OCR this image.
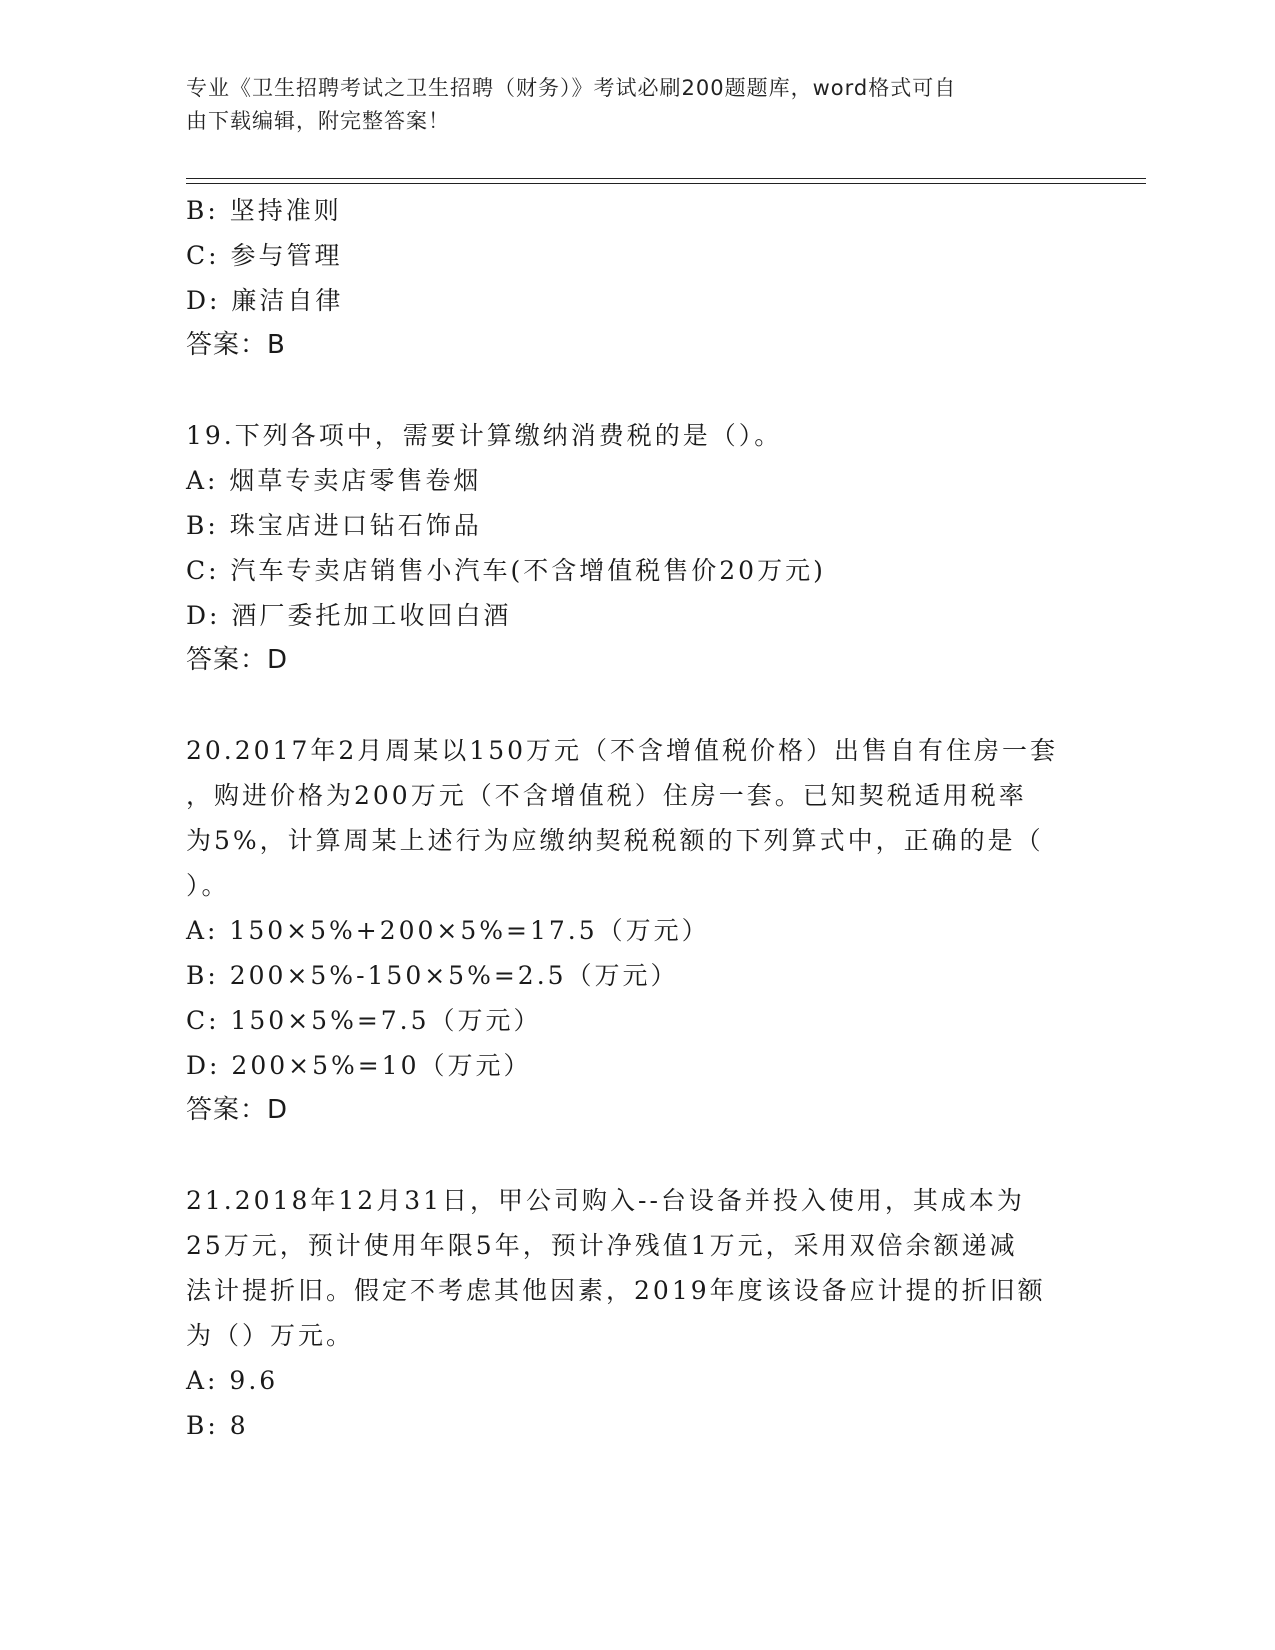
专业《卫生招聘考试之卫生招聘（财务）》考试必刷200题题库，word格式可自
由下载编辑，附完整答案！
B: 坚持准则
C: 参与管理
D: 廉洁自律
答案：B
19.下列各项中，需要计算缴纳消费税的是（）。
A: 烟草专卖店零售卷烟
B: 珠宝店进口钻石饰品
C: 汽车专卖店销售小汽车(不含增值税售价20万元)
D: 酒厂委托加工收回白酒
答案：D
20.2017年2月周某以150万元（不含增值税价格）出售自有住房一套
，购进价格为200万元（不含增值税）住房一套。已知契税适用税率
为5%，计算周某上述行为应缴纳契税税额的下列算式中，正确的是（
）。
A: 150×5%+200×5%=17.5（万元）
B: 200×5%-150×5%=2.5（万元）
C: 150×5%=7.5（万元）
D: 200×5%=10（万元）
答案：D
21.2018年12月31日，甲公司购入--台设备并投入使用，其成本为
25万元，预计使用年限5年，预计净残值1万元，采用双倍余额递减
法计提折旧。假定不考虑其他因素，2019年度该设备应计提的折旧额
为（）万元。
A: 9.6
B: 8
